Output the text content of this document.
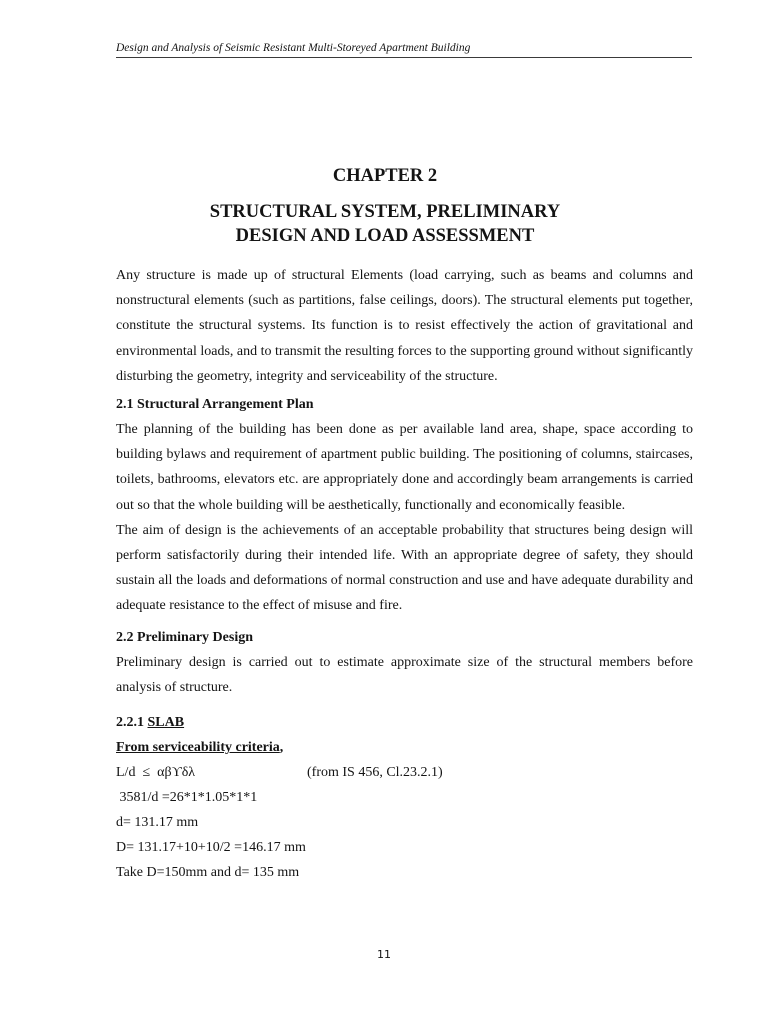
Design and Analysis of Seismic Resistant Multi-Storeyed Apartment Building
CHAPTER 2
STRUCTURAL SYSTEM, PRELIMINARY
DESIGN AND LOAD ASSESSMENT

Any structure is made up of structural Elements (load carrying, such as beams and columns and nonstructural elements (such as partitions, false ceilings, doors). The structural elements put together, constitute the structural systems. Its function is to resist effectively the action of gravitational and environmental loads, and to transmit the resulting forces to the supporting ground without significantly disturbing the geometry, integrity and serviceability of the structure.

2.1 Structural Arrangement Plan

The planning of the building has been done as per available land area, shape, space according to building bylaws and requirement of apartment public building. The positioning of columns, staircases, toilets, bathrooms, elevators etc. are appropriately done and accordingly beam arrangements is carried out so that the whole building will be aesthetically, functionally and economically feasible.

The aim of design is the achievements of an acceptable probability that structures being design will perform satisfactorily during their intended life. With an appropriate degree of safety, they should sustain all the loads and deformations of normal construction and use and have adequate durability and adequate resistance to the effect of misuse and fire.

2.2 Preliminary Design

Preliminary design is carried out to estimate approximate size of the structural members before analysis of structure.

2.2.1 SLAB

From serviceability criteria,

L/d  ≤  αβϒδλ	(from IS 456, Cl.23.2.1)

3581/d =26*1*1.05*1*1

d= 131.17 mm

D= 131.17+10+10/2 =146.17 mm

Take D=150mm and d= 135 mm

11
